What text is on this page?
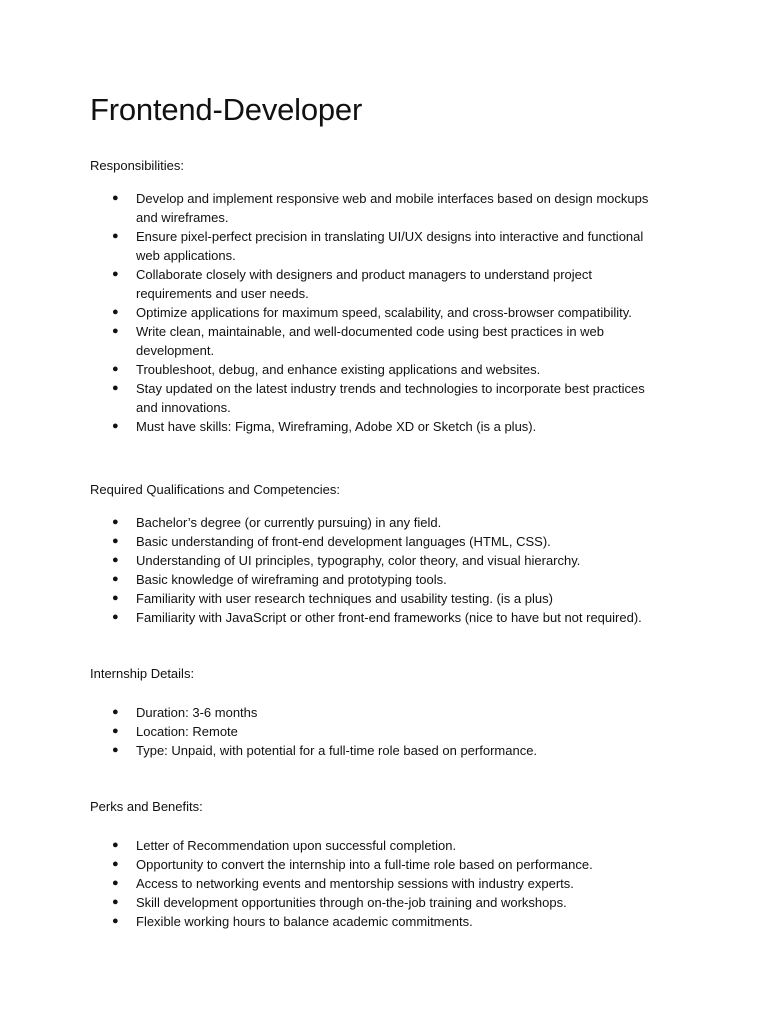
Frontend-Developer

Responsibilities:

● Develop and implement responsive web and mobile interfaces based on design mockups and wireframes.
● Ensure pixel-perfect precision in translating UI/UX designs into interactive and functional web applications.
● Collaborate closely with designers and product managers to understand project requirements and user needs.
● Optimize applications for maximum speed, scalability, and cross-browser compatibility.
● Write clean, maintainable, and well-documented code using best practices in web development.
● Troubleshoot, debug, and enhance existing applications and websites.
● Stay updated on the latest industry trends and technologies to incorporate best practices and innovations.
● Must have skills: Figma, Wireframing, Adobe XD or Sketch (is a plus).

Required Qualifications and Competencies:

● Bachelor’s degree (or currently pursuing) in any field.
● Basic understanding of front-end development languages (HTML, CSS).
● Understanding of UI principles, typography, color theory, and visual hierarchy.
● Basic knowledge of wireframing and prototyping tools.
● Familiarity with user research techniques and usability testing. (is a plus)
● Familiarity with JavaScript or other front-end frameworks (nice to have but not required).

Internship Details:

● Duration: 3-6 months
● Location: Remote
● Type: Unpaid, with potential for a full-time role based on performance.

Perks and Benefits:

● Letter of Recommendation upon successful completion.
● Opportunity to convert the internship into a full-time role based on performance.
● Access to networking events and mentorship sessions with industry experts.
● Skill development opportunities through on-the-job training and workshops.
● Flexible working hours to balance academic commitments.
